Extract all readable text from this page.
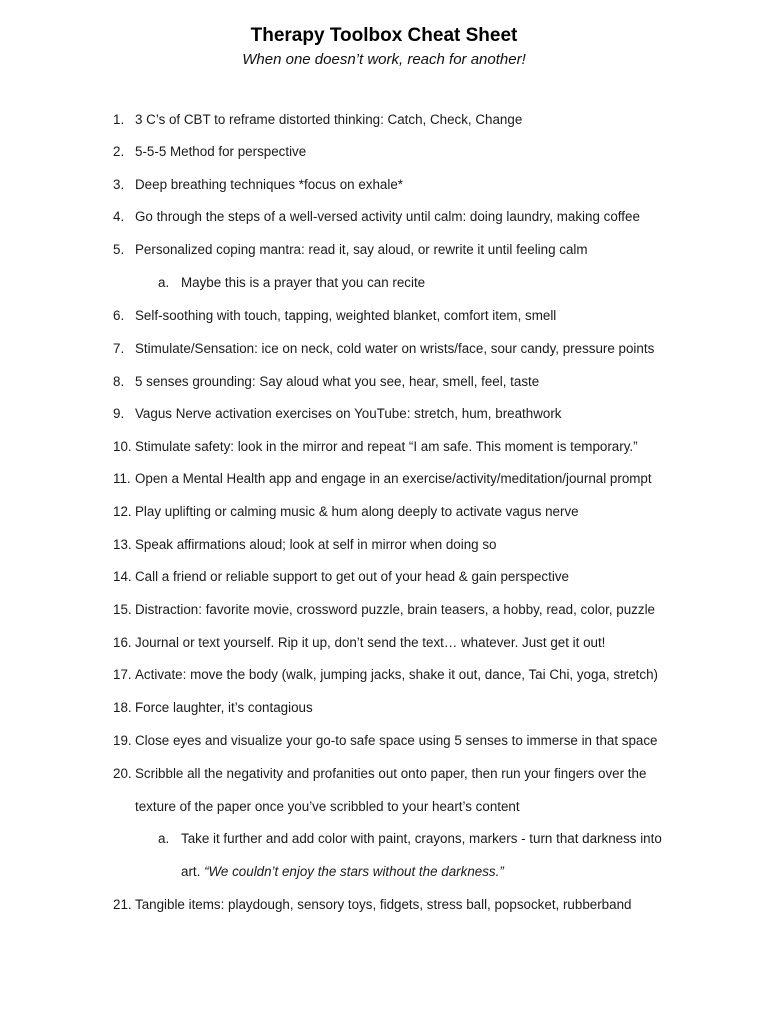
Therapy Toolbox Cheat Sheet
When one doesn’t work, reach for another!
1. 3 C’s of CBT to reframe distorted thinking: Catch, Check, Change
2. 5-5-5 Method for perspective
3. Deep breathing techniques *focus on exhale*
4. Go through the steps of a well-versed activity until calm: doing laundry, making coffee
5. Personalized coping mantra: read it, say aloud, or rewrite it until feeling calm
a. Maybe this is a prayer that you can recite
6. Self-soothing with touch, tapping, weighted blanket, comfort item, smell
7. Stimulate/Sensation: ice on neck, cold water on wrists/face, sour candy, pressure points
8. 5 senses grounding: Say aloud what you see, hear, smell, feel, taste
9. Vagus Nerve activation exercises on YouTube: stretch, hum, breathwork
10. Stimulate safety: look in the mirror and repeat “I am safe. This moment is temporary.”
11. Open a Mental Health app and engage in an exercise/activity/meditation/journal prompt
12. Play uplifting or calming music & hum along deeply to activate vagus nerve
13. Speak affirmations aloud; look at self in mirror when doing so
14. Call a friend or reliable support to get out of your head & gain perspective
15. Distraction: favorite movie, crossword puzzle, brain teasers, a hobby, read, color, puzzle
16. Journal or text yourself. Rip it up, don’t send the text… whatever. Just get it out!
17. Activate: move the body (walk, jumping jacks, shake it out, dance, Tai Chi, yoga, stretch)
18. Force laughter, it’s contagious
19. Close eyes and visualize your go-to safe space using 5 senses to immerse in that space
20. Scribble all the negativity and profanities out onto paper, then run your fingers over the
texture of the paper once you’ve scribbled to your heart’s content
a. Take it further and add color with paint, crayons, markers - turn that darkness into
art. “We couldn’t enjoy the stars without the darkness.”
21. Tangible items: playdough, sensory toys, fidgets, stress ball, popsocket, rubberband
